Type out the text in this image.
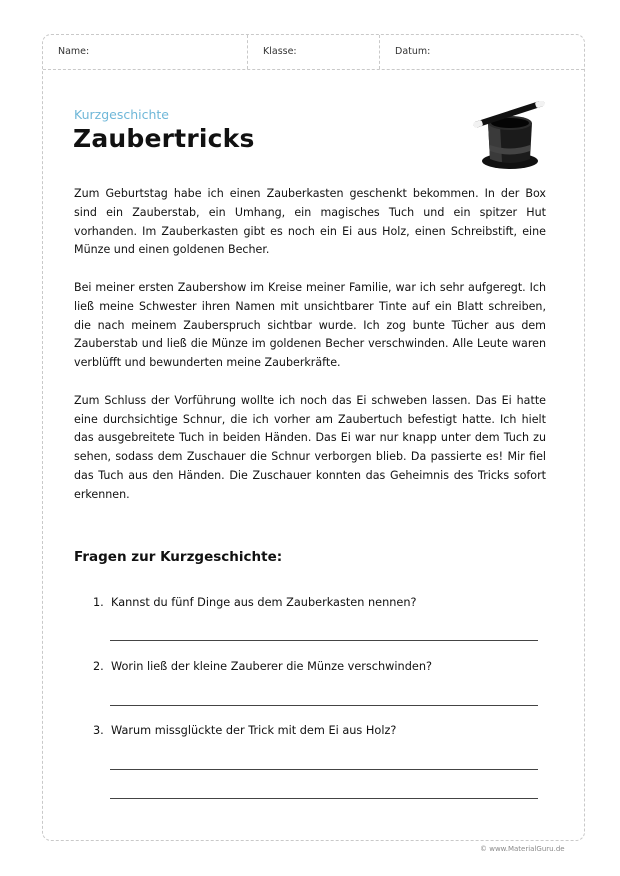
Name:	Klasse:	Datum:
Kurzgeschichte
Zaubertricks

Zum Geburtstag habe ich einen Zauberkasten geschenkt bekommen. In der Box sind ein Zauberstab, ein Umhang, ein magisches Tuch und ein spitzer Hut vorhanden. Im Zauberkasten gibt es noch ein Ei aus Holz, einen Schreibstift, eine Münze und einen goldenen Becher.

Bei meiner ersten Zaubershow im Kreise meiner Familie, war ich sehr aufgeregt. Ich ließ meine Schwester ihren Namen mit unsichtbarer Tinte auf ein Blatt schreiben, die nach meinem Zauberspruch sichtbar wurde. Ich zog bunte Tücher aus dem Zauberstab und ließ die Münze im goldenen Becher verschwinden. Alle Leute waren verblüfft und bewunderten meine Zauberkräfte.

Zum Schluss der Vorführung wollte ich noch das Ei schweben lassen. Das Ei hatte eine durchsichtige Schnur, die ich vorher am Zaubertuch befestigt hatte. Ich hielt das ausgebreitete Tuch in beiden Händen. Das Ei war nur knapp unter dem Tuch zu sehen, sodass dem Zuschauer die Schnur verborgen blieb. Da passierte es! Mir fiel das Tuch aus den Händen. Die Zuschauer konnten das Geheimnis des Tricks sofort erkennen.

Fragen zur Kurzgeschichte:
1. Kannst du fünf Dinge aus dem Zauberkasten nennen?
2. Worin ließ der kleine Zauberer die Münze verschwinden?
3. Warum missglückte der Trick mit dem Ei aus Holz?
© www.MaterialGuru.de
